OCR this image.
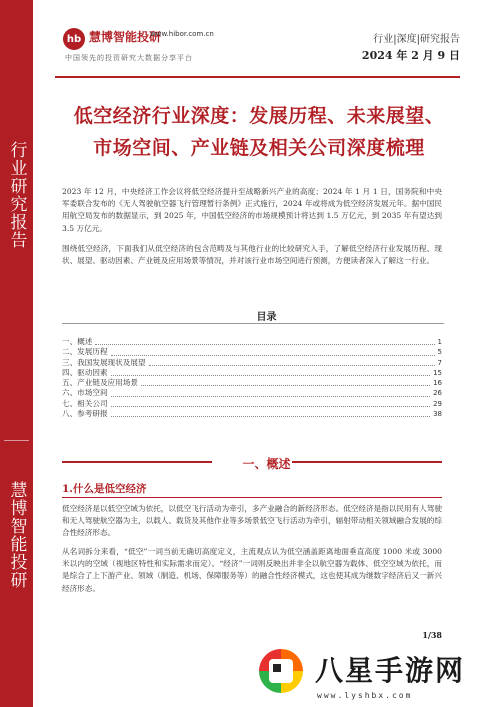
行业研究报告
慧博智能投研
hb 慧博智能投研
www.hibor.com.cn
中国领先的投资研究大数据分享平台
行业|深度|研究报告
2024 年 2 月 9 日
低空经济行业深度：发展历程、未来展望、
市场空间、产业链及相关公司深度梳理
2023 年 12 月，中央经济工作会议将低空经济提升至战略新兴产业的高度；2024 年 1 月 1 日，国务院和中央军委联合发布的《无人驾驶航空器飞行管理暂行条例》正式施行，2024 年或将成为低空经济发展元年。据中国民用航空局发布的数据显示，到 2025 年，中国低空经济的市场规模预计将达到 1.5 万亿元，到 2035 年有望达到 3.5 万亿元。
围绕低空经济，下面我们从低空经济的包含范畴及与其他行业的比较研究入手，了解低空经济行业发展历程、现状、展望、驱动因素、产业链及应用场景等情况，并对该行业市场空间进行预测，方便读者深入了解这一行业。
目录
一、概述	1
二、发展历程	5
三、我国发展现状及展望	7
四、驱动因素	15
五、产业链及应用场景	16
六、市场空间	26
七、相关公司	29
八、参考研报	38
一、概述
1.什么是低空经济
低空经济是以低空空域为依托，以低空飞行活动为牵引，多产业融合的新经济形态。低空经济是指以民用有人驾驶和无人驾驶航空器为主，以载人、载货及其他作业等多场景低空飞行活动为牵引，辐射带动相关领域融合发展的综合性经济形态。
从名词拆分来看，“低空”一词当前无确切高度定义，主流观点认为低空涵盖距离地面垂直高度 1000 米或 3000 米以内的空域（视地区特性和实际需求而定）。“经济”一词则反映出并非全以航空器为载体、低空空域为依托，而是综合了上下游产业、领域（制造、机场、保障服务等）的融合性经济模式，这也使其成为继数字经济后又一新兴经济形态。
1/38
八星手游网
www.lyshbx.com
